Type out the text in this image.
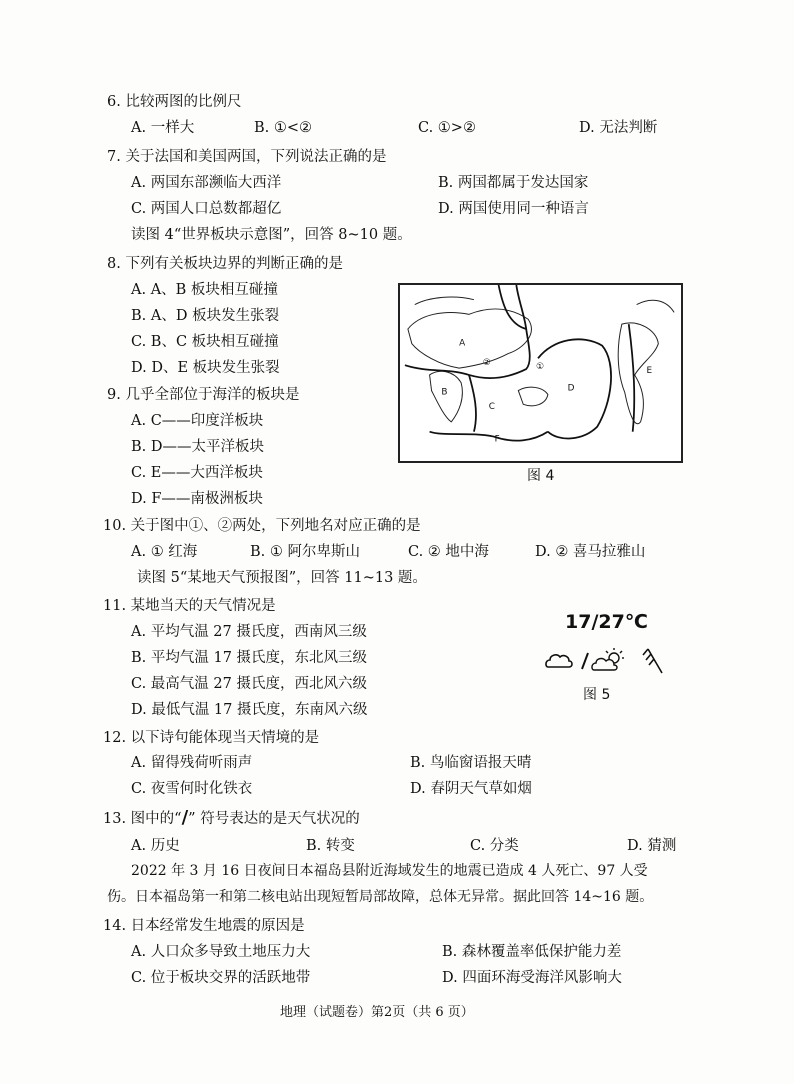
6. 比较两图的比例尺
A. 一样大	B. ①<②	C. ①>②	D. 无法判断
7. 关于法国和美国两国，下列说法正确的是
A. 两国东部濒临大西洋	B. 两国都属于发达国家
C. 两国人口总数都超亿	D. 两国使用同一种语言
读图 4“世界板块示意图”，回答 8~10 题。
8. 下列有关板块边界的判断正确的是
A. A、B 板块相互碰撞
B. A、D 板块发生张裂
C. B、C 板块相互碰撞
D. D、E 板块发生张裂
9. 几乎全部位于海洋的板块是
A. C——印度洋板块
B. D——太平洋板块
C. E——大西洋板块
D. F——南极洲板块
A
B
C
D
E
F
①
②
图 4
10. 关于图中①、②两处，下列地名对应正确的是
A. ① 红海	B. ① 阿尔卑斯山	C. ② 地中海	D. ② 喜马拉雅山
读图 5“某地天气预报图”，回答 11~13 题。
11. 某地当天的天气情况是
A. 平均气温 27 摄氏度，西南风三级
B. 平均气温 17 摄氏度，东北风三级
C. 最高气温 27 摄氏度，西北风六级
D. 最低气温 17 摄氏度，东南风六级
17/27℃
图 5
12. 以下诗句能体现当天情境的是
A. 留得残荷听雨声	B. 鸟临窗语报天晴
C. 夜雪何时化铁衣	D. 春阴天气草如烟
13. 图中的“/” 符号表达的是天气状况的
A. 历史	B. 转变	C. 分类	D. 猜测
2022 年 3 月 16 日夜间日本福岛县附近海域发生的地震已造成 4 人死亡、97 人受
伤。日本福岛第一和第二核电站出现短暂局部故障，总体无异常。据此回答 14~16 题。
14. 日本经常发生地震的原因是
A. 人口众多导致土地压力大	B. 森林覆盖率低保护能力差
C. 位于板块交界的活跃地带	D. 四面环海受海洋风影响大
地理（试题卷）第2页（共 6 页）
